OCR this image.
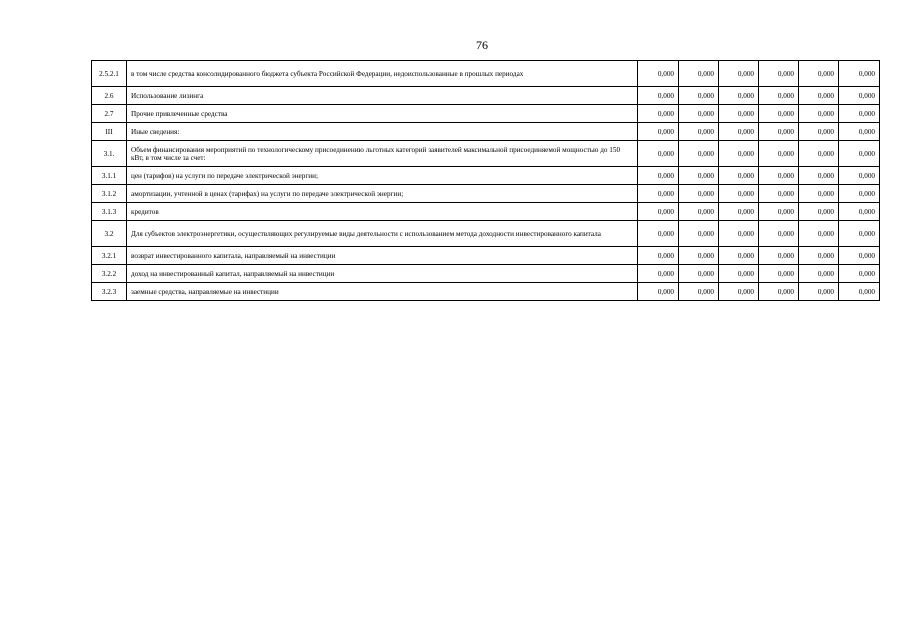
76
2.5.2.1	в том числе средства консолидированного бюджета субъекта Российской Федерации, недоиспользованные в прошлых периодах	0,000	0,000	0,000	0,000	0,000	0,000
2.6	Использование лизинга	0,000	0,000	0,000	0,000	0,000	0,000
2.7	Прочие привлеченные средства	0,000	0,000	0,000	0,000	0,000	0,000
III	Иные сведения:	0,000	0,000	0,000	0,000	0,000	0,000
3.1.	Объем финансирования мероприятий по технологическому присоединению льготных категорий заявителей максимальной присоединяемой мощностью до 150 кВт, в том числе за счет:	0,000	0,000	0,000	0,000	0,000	0,000
3.1.1	цен (тарифов) на услуги по передаче электрической энергии;	0,000	0,000	0,000	0,000	0,000	0,000
3.1.2	амортизации, учтенной в ценах (тарифах) на услуги по передаче электрической энергии;	0,000	0,000	0,000	0,000	0,000	0,000
3.1.3	кредитов	0,000	0,000	0,000	0,000	0,000	0,000
3.2	Для субъектов электроэнергетики, осуществляющих регулируемые виды деятельности с использованием метода доходности инвестированного капитала	0,000	0,000	0,000	0,000	0,000	0,000
3.2.1	возврат инвестированного капитала, направляемый на инвестиции	0,000	0,000	0,000	0,000	0,000	0,000
3.2.2	доход на инвестированный капитал, направляемый на инвестиции	0,000	0,000	0,000	0,000	0,000	0,000
3.2.3	заемные средства, направляемые на инвестиции	0,000	0,000	0,000	0,000	0,000	0,000
